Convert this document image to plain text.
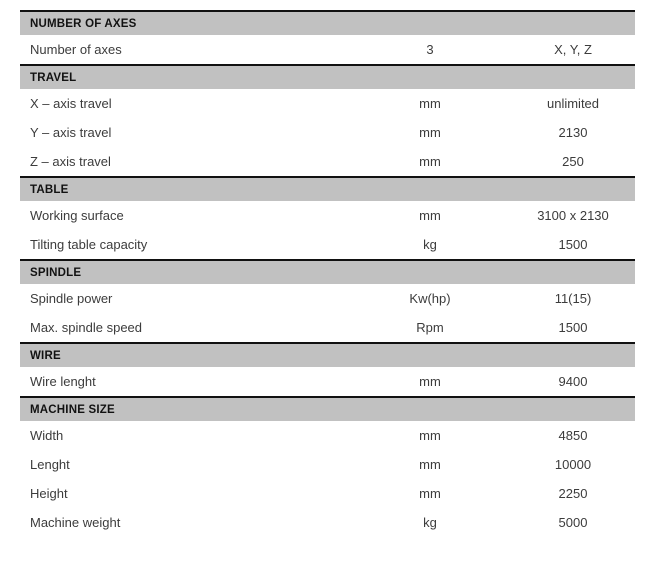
NUMBER OF AXES
Number of axes	3	X, Y, Z
TRAVEL
X – axis travel	mm	unlimited
Y – axis travel	mm	2130
Z – axis travel	mm	250
TABLE
Working surface	mm	3100 x 2130
Tilting table capacity	kg	1500
SPINDLE
Spindle power	Kw(hp)	11(15)
Max. spindle speed	Rpm	1500
WIRE
Wire lenght	mm	9400
MACHINE SIZE
Width	mm	4850
Lenght	mm	10000
Height	mm	2250
Machine weight	kg	5000
